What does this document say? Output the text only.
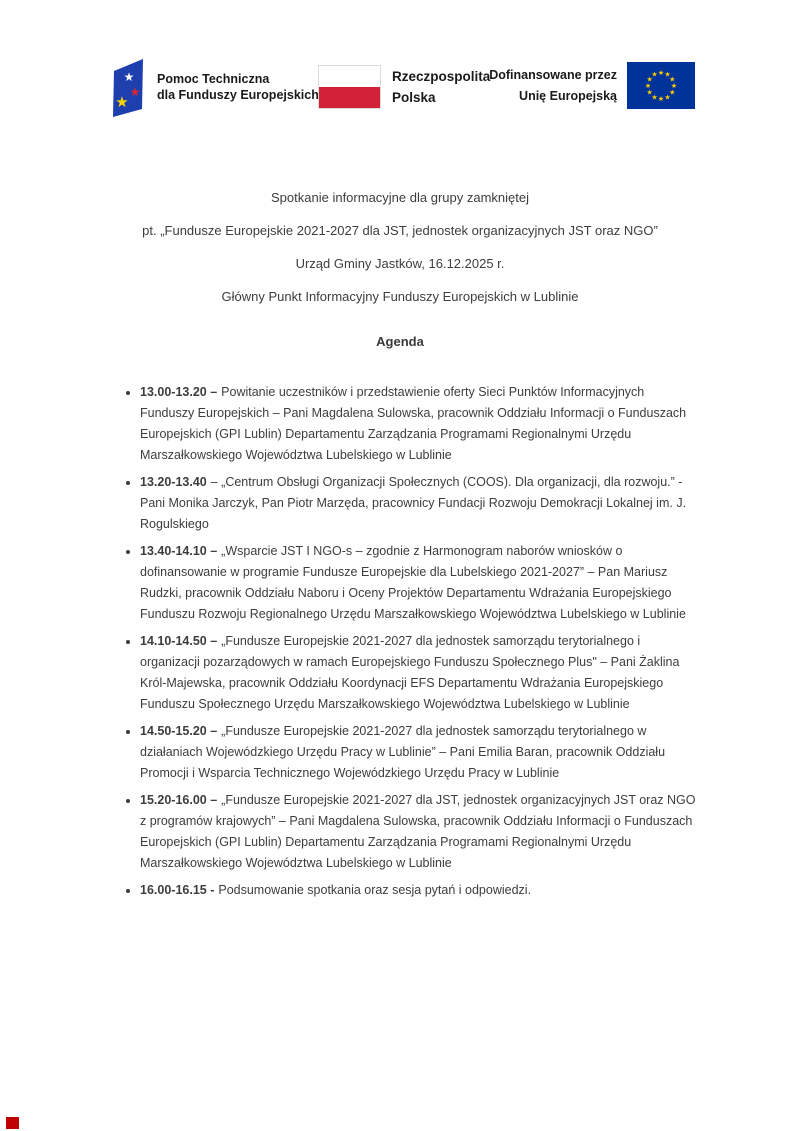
★
★
★
Pomoc Techniczna
dla Funduszy Europejskich
Rzeczpospolita
Polska
Dofinansowane przez
Unię Europejską
★ ★
★
★
★
★
★
★
★
★
★
★

Spotkanie informacyjne dla grupy zamkniętej

pt. „Fundusze Europejskie 2021-2027 dla JST, jednostek organizacyjnych JST oraz NGO”

Urząd Gminy Jastków, 16.12.2025 r.

Główny Punkt Informacyjny Funduszy Europejskich w Lublinie

Agenda

• 13.00-13.20 – Powitanie uczestników i przedstawienie oferty Sieci Punktów Informacyjnych Funduszy Europejskich – Pani Magdalena Sulowska, pracownik Oddziału Informacji o Funduszach Europejskich (GPI Lublin) Departamentu Zarządzania Programami Regionalnymi Urzędu Marszałkowskiego Województwa Lubelskiego w Lublinie
• 13.20-13.40 – „Centrum Obsługi Organizacji Społecznych (COOS). Dla organizacji, dla rozwoju.” - Pani Monika Jarczyk, Pan Piotr Marzęda, pracownicy Fundacji Rozwoju Demokracji Lokalnej im. J. Rogulskiego
• 13.40-14.10 – „Wsparcie JST I NGO-s – zgodnie z Harmonogram naborów wniosków o dofinansowanie w programie Fundusze Europejskie dla Lubelskiego 2021-2027” – Pan Mariusz Rudzki, pracownik Oddziału Naboru i Oceny Projektów Departamentu Wdrażania Europejskiego Funduszu Rozwoju Regionalnego Urzędu Marszałkowskiego Województwa Lubelskiego w Lublinie
• 14.10-14.50 – „Fundusze Europejskie 2021-2027 dla jednostek samorządu terytorialnego i organizacji pozarządowych w ramach Europejskiego Funduszu Społecznego Plus" – Pani Żaklina Król-Majewska, pracownik Oddziału Koordynacji EFS Departamentu Wdrażania Europejskiego Funduszu Społecznego Urzędu Marszałkowskiego Województwa Lubelskiego w Lublinie
• 14.50-15.20 – „Fundusze Europejskie 2021-2027 dla jednostek samorządu terytorialnego w działaniach Wojewódzkiego Urzędu Pracy w Lublinie” – Pani Emilia Baran, pracownik Oddziału Promocji i Wsparcia Technicznego Wojewódzkiego Urzędu Pracy w Lublinie
• 15.20-16.00 – „Fundusze Europejskie 2021-2027 dla JST, jednostek organizacyjnych JST oraz NGO z programów krajowych” – Pani Magdalena Sulowska, pracownik Oddziału Informacji o Funduszach Europejskich (GPI Lublin) Departamentu Zarządzania Programami Regionalnymi Urzędu Marszałkowskiego Województwa Lubelskiego w Lublinie
• 16.00-16.15 - Podsumowanie spotkania oraz sesja pytań i odpowiedzi.
